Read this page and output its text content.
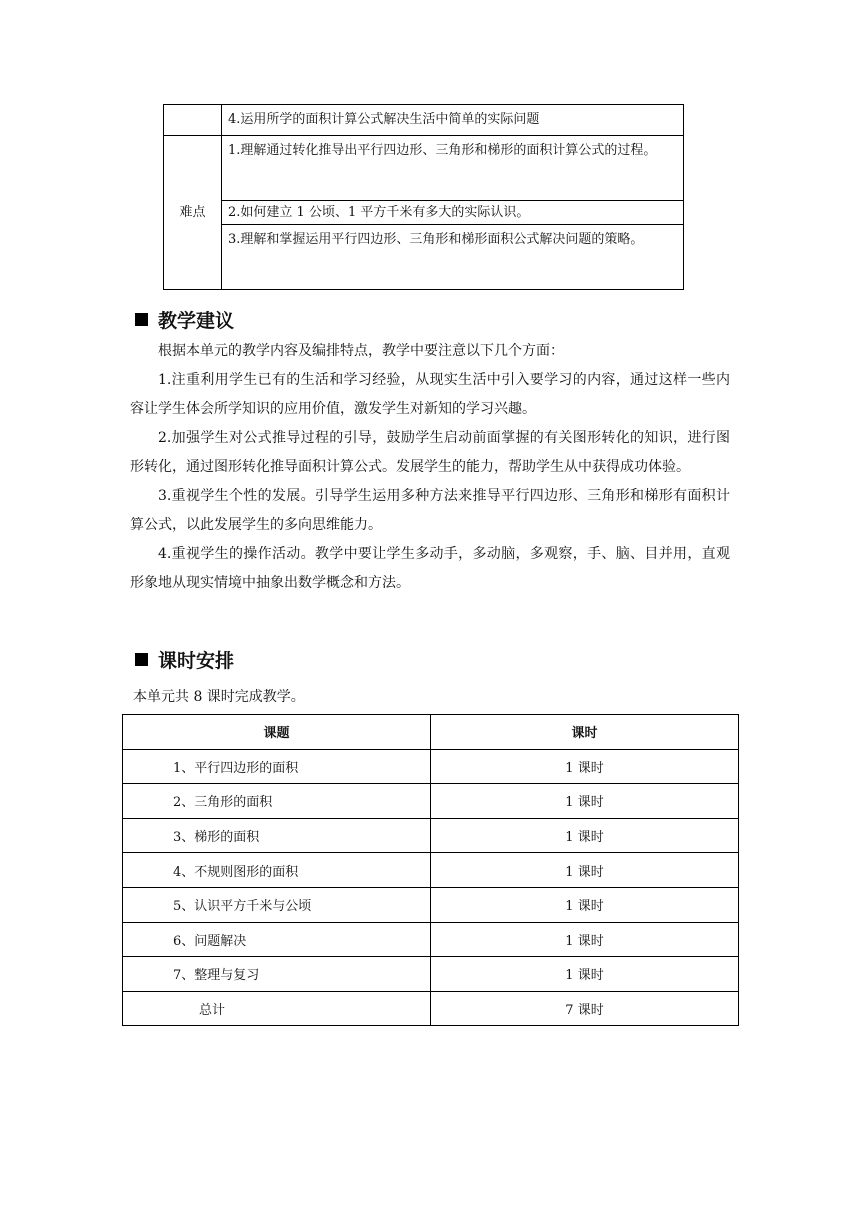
	4.运用所学的面积计算公式解决生活中简单的实际问题
难点	1.理解通过转化推导出平行四边形、三角形和梯形的面积计算公式的过程。
	2.如何建立 1 公顷、1 平方千米有多大的实际认识。
	3.理解和掌握运用平行四边形、三角形和梯形面积公式解决问题的策略。
教学建议

根据本单元的教学内容及编排特点，教学中要注意以下几个方面：

1.注重利用学生已有的生活和学习经验，从现实生活中引入要学习的内容，通过这样一些内容让学生体会所学知识的应用价值，激发学生对新知的学习兴趣。

2.加强学生对公式推导过程的引导，鼓励学生启动前面掌握的有关图形转化的知识，进行图形转化，通过图形转化推导面积计算公式。发展学生的能力，帮助学生从中获得成功体验。

3.重视学生个性的发展。引导学生运用多种方法来推导平行四边形、三角形和梯形有面积计算公式，以此发展学生的多向思维能力。

4.重视学生的操作活动。教学中要让学生多动手，多动脑，多观察，手、脑、目并用，直观形象地从现实情境中抽象出数学概念和方法。

课时安排
本单元共 8 课时完成教学。
课题	课时
1、平行四边形的面积	1 课时
2、三角形的面积	1 课时
3、梯形的面积	1 课时
4、不规则图形的面积	1 课时
5、认识平方千米与公顷	1 课时
6、问题解决	1 课时
7、整理与复习	1 课时
总计	7 课时
